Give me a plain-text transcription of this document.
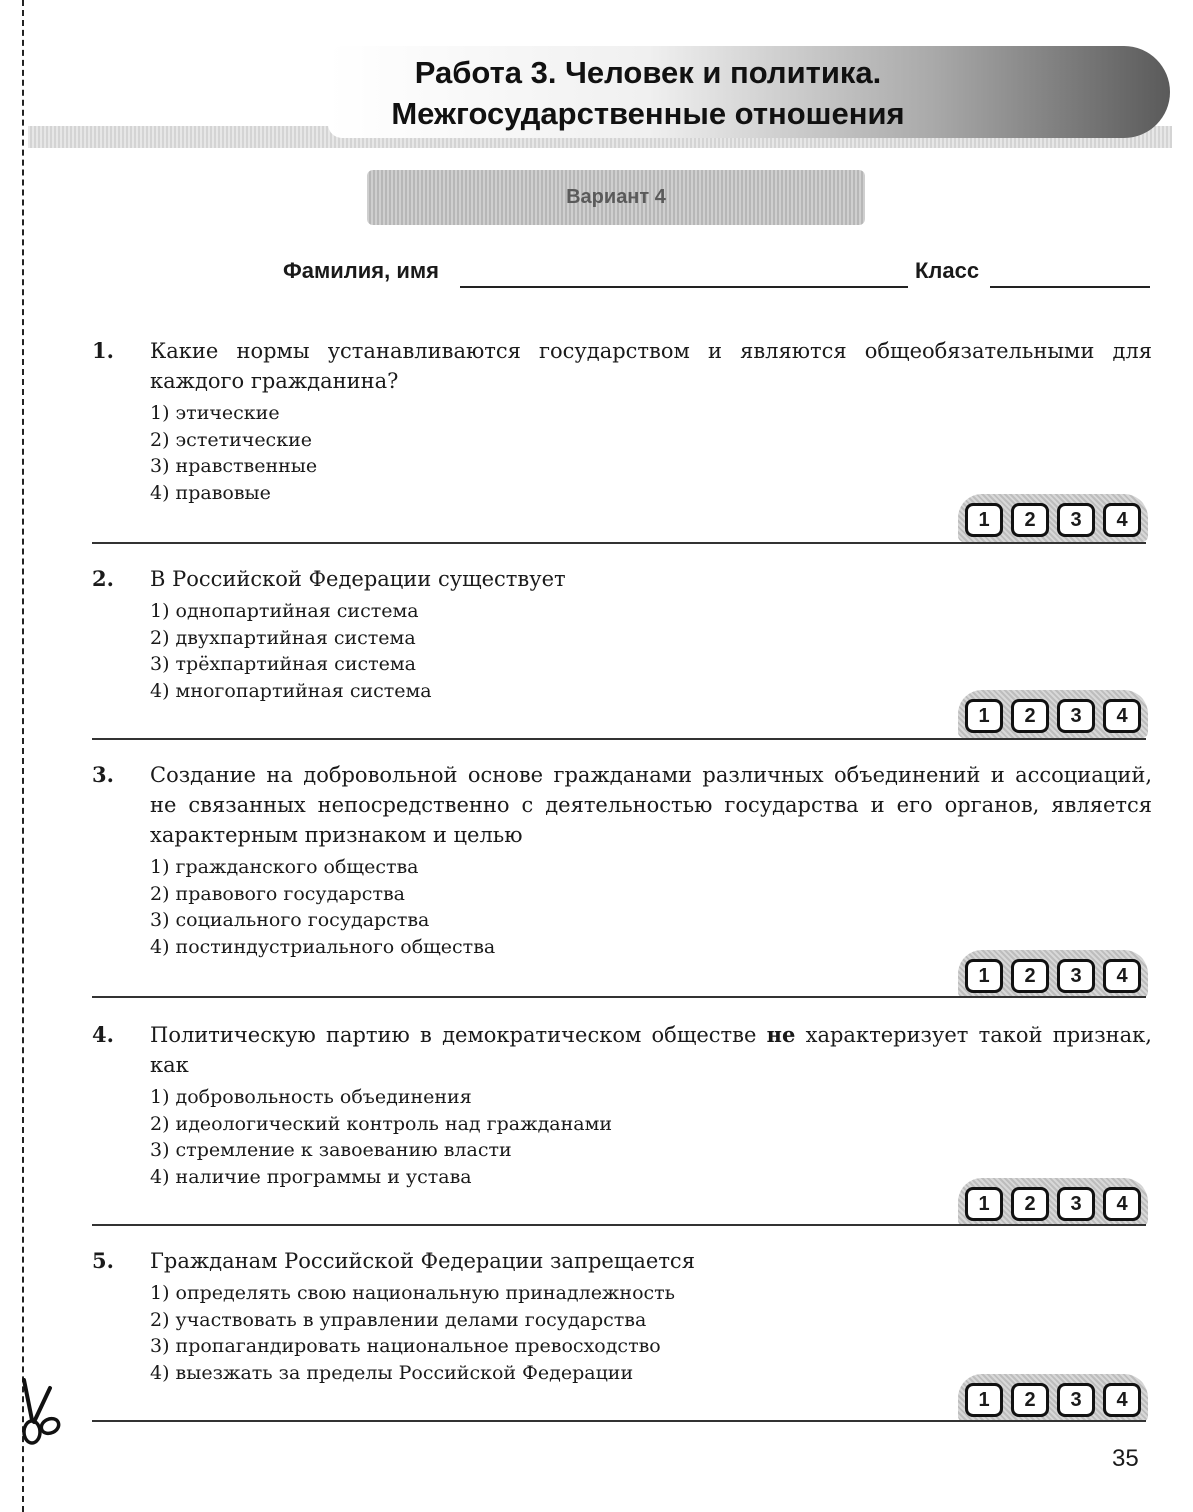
Работа 3. Человек и политика.
Межгосударственные отношения
Вариант 4
Фамилия, имя	Класс
1. Какие нормы устанавливаются государством и являются общеобязательными для каждого гражданина?
1) этические
2) эстетические
3) нравственные
4) правовые
1	2	3	4
2. В Российской Федерации существует
1) однопартийная система
2) двухпартийная система
3) трёхпартийная система
4) многопартийная система
1	2	3	4
3. Создание на добровольной основе гражданами различных объединений и ассоциаций, не связанных непосредственно с деятельностью государства и его органов, является характерным признаком и целью
1) гражданского общества
2) правового государства
3) социального государства
4) постиндустриального общества
1	2	3	4
4. Политическую партию в демократическом обществе не характеризует такой признак, как
1) добровольность объединения
2) идеологический контроль над гражданами
3) стремление к завоеванию власти
4) наличие программы и устава
1	2	3	4
5. Гражданам Российской Федерации запрещается
1) определять свою национальную принадлежность
2) участвовать в управлении делами государства
3) пропагандировать национальное превосходство
4) выезжать за пределы Российской Федерации
1	2	3	4
35
